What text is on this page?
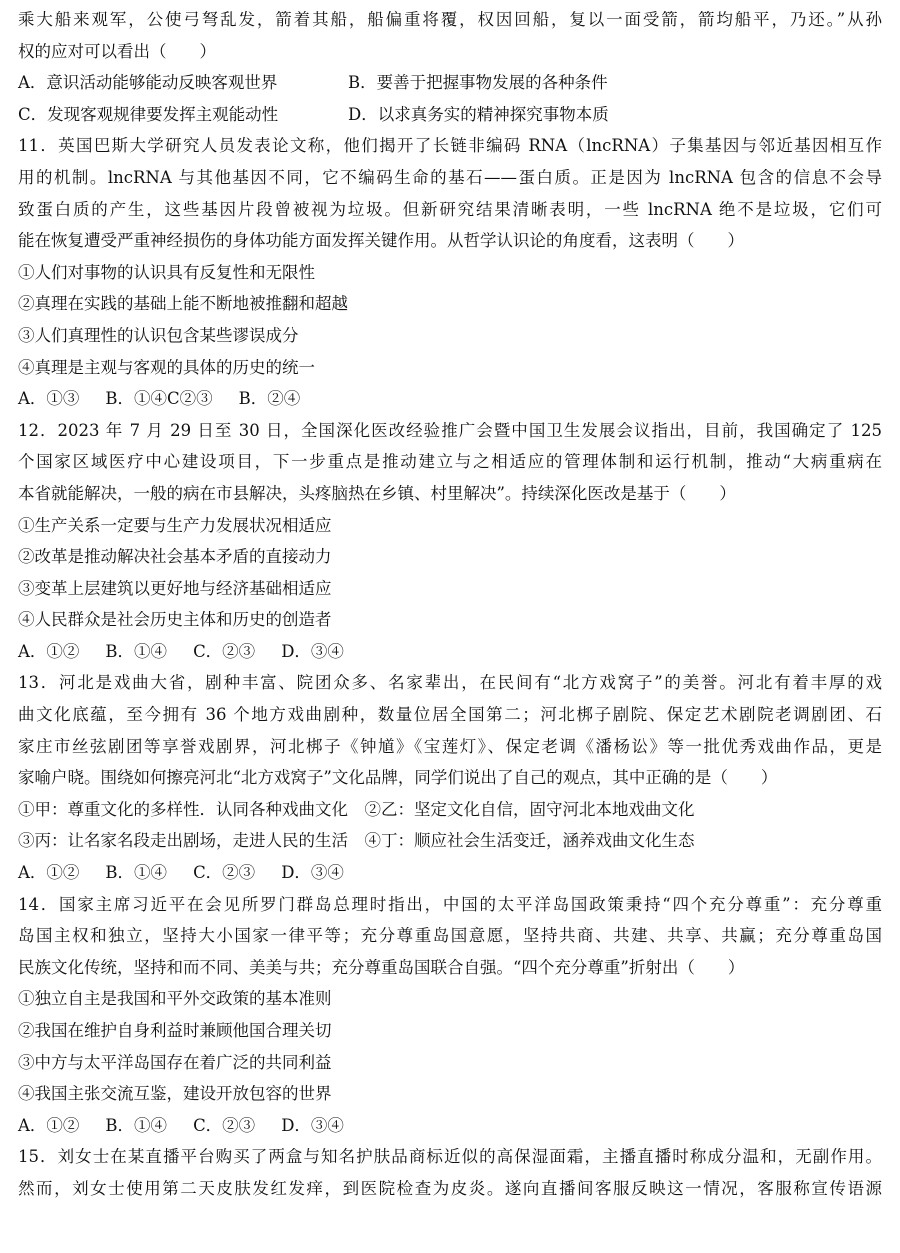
乘大船来观军，公使弓弩乱发，箭着其船，船偏重将覆，权因回船，复以一面受箭，箭均船平，乃还。”从孙
权的应对可以看出（　　）
A．意识活动能够能动反映客观世界	B．要善于把握事物发展的各种条件
C．发现客观规律要发挥主观能动性	D．以求真务实的精神探究事物本质
11．英国巴斯大学研究人员发表论文称，他们揭开了长链非编码 RNA（lncRNA）子集基因与邻近基因相互作
用的机制。lncRNA 与其他基因不同，它不编码生命的基石——蛋白质。正是因为 lncRNA 包含的信息不会导
致蛋白质的产生，这些基因片段曾被视为垃圾。但新研究结果清晰表明，一些 lncRNA 绝不是垃圾，它们可
能在恢复遭受严重神经损伤的身体功能方面发挥关键作用。从哲学认识论的角度看，这表明（　　）
①人们对事物的认识具有反复性和无限性
②真理在实践的基础上能不断地被推翻和超越
③人们真理性的认识包含某些谬误成分
④真理是主观与客观的具体的历史的统一
A．①③ B．①④C②③ B．②④
12．2023 年 7 月 29 日至 30 日，全国深化医改经验推广会暨中国卫生发展会议指出，目前，我国确定了 125
个国家区域医疗中心建设项目，下一步重点是推动建立与之相适应的管理体制和运行机制，推动“大病重病在
本省就能解决，一般的病在市县解决，头疼脑热在乡镇、村里解决”。持续深化医改是基于（　　）
①生产关系一定要与生产力发展状况相适应
②改革是推动解决社会基本矛盾的直接动力
③变革上层建筑以更好地与经济基础相适应
④人民群众是社会历史主体和历史的创造者
A．①② B．①④ C．②③ D．③④
13．河北是戏曲大省，剧种丰富、院团众多、名家辈出，在民间有“北方戏窝子”的美誉。河北有着丰厚的戏
曲文化底蕴，至今拥有 36 个地方戏曲剧种，数量位居全国第二；河北梆子剧院、保定艺术剧院老调剧团、石
家庄市丝弦剧团等享誉戏剧界，河北梆子《钟馗》《宝莲灯》、保定老调《潘杨讼》等一批优秀戏曲作品，更是
家喻户晓。围绕如何擦亮河北“北方戏窝子”文化品牌，同学们说出了自己的观点，其中正确的是（　　）
①甲：尊重文化的多样性．认同各种戏曲文化　②乙：坚定文化自信，固守河北本地戏曲文化
③丙：让名家名段走出剧场，走进人民的生活　④丁：顺应社会生活变迁，涵养戏曲文化生态
A．①② B．①④ C．②③ D．③④
14．国家主席习近平在会见所罗门群岛总理时指出，中国的太平洋岛国政策秉持“四个充分尊重”：充分尊重
岛国主权和独立，坚持大小国家一律平等；充分尊重岛国意愿，坚持共商、共建、共享、共赢；充分尊重岛国
民族文化传统，坚持和而不同、美美与共；充分尊重岛国联合自强。“四个充分尊重”折射出（　　）
①独立自主是我国和平外交政策的基本准则
②我国在维护自身利益时兼顾他国合理关切
③中方与太平洋岛国存在着广泛的共同利益
④我国主张交流互鉴，建设开放包容的世界
A．①② B．①④ C．②③ D．③④
15．刘女士在某直播平台购买了两盒与知名护肤品商标近似的高保湿面霜，主播直播时称成分温和，无副作用。
然而，刘女士使用第二天皮肤发红发痒，到医院检查为皮炎。遂向直播间客服反映这一情况，客服称宣传语源
